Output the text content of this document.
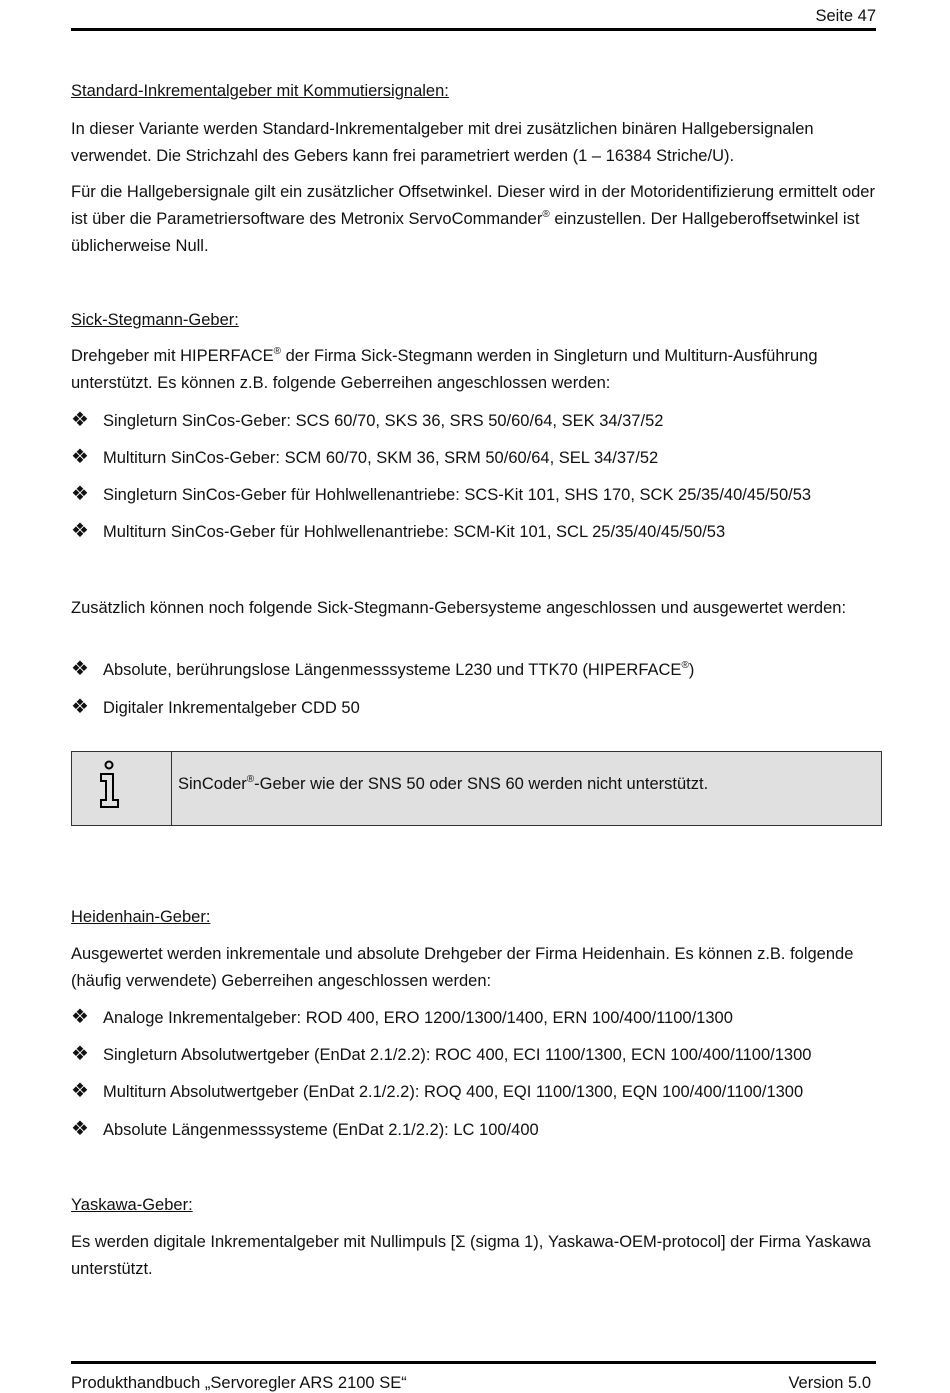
Seite 47
Standard-Inkrementalgeber mit Kommutiersignalen:
In dieser Variante werden Standard-Inkrementalgeber mit drei zusätzlichen binären Hallgebersignalen verwendet. Die Strichzahl des Gebers kann frei parametriert werden (1 – 16384 Striche/U).
Für die Hallgebersignale gilt ein zusätzlicher Offsetwinkel. Dieser wird in der Motoridentifizierung ermittelt oder ist über die Parametriersoftware des Metronix ServoCommander® einzustellen. Der Hallgeberoffsetwinkel ist üblicherweise Null.
Sick-Stegmann-Geber:
Drehgeber mit HIPERFACE® der Firma Sick-Stegmann werden in Singleturn und Multiturn-Ausführung unterstützt. Es können z.B. folgende Geberreihen angeschlossen werden:
❖ Singleturn SinCos-Geber: SCS 60/70, SKS 36, SRS 50/60/64, SEK 34/37/52
❖ Multiturn SinCos-Geber: SCM 60/70, SKM 36, SRM 50/60/64, SEL 34/37/52
❖ Singleturn SinCos-Geber für Hohlwellenantriebe: SCS-Kit 101, SHS 170, SCK 25/35/40/45/50/53
❖ Multiturn SinCos-Geber für Hohlwellenantriebe: SCM-Kit 101, SCL 25/35/40/45/50/53
Zusätzlich können noch folgende Sick-Stegmann-Gebersysteme angeschlossen und ausgewertet werden:
❖ Absolute, berührungslose Längenmesssysteme L230 und TTK70 (HIPERFACE®)
❖ Digitaler Inkrementalgeber CDD 50
SinCoder®-Geber wie der SNS 50 oder SNS 60 werden nicht unterstützt.
Heidenhain-Geber:
Ausgewertet werden inkrementale und absolute Drehgeber der Firma Heidenhain. Es können z.B. folgende (häufig verwendete) Geberreihen angeschlossen werden:
❖ Analoge Inkrementalgeber: ROD 400, ERO 1200/1300/1400, ERN 100/400/1100/1300
❖ Singleturn Absolutwertgeber (EnDat 2.1/2.2): ROC 400, ECI 1100/1300, ECN 100/400/1100/1300
❖ Multiturn Absolutwertgeber (EnDat 2.1/2.2): ROQ 400, EQI 1100/1300, EQN 100/400/1100/1300
❖ Absolute Längenmesssysteme (EnDat 2.1/2.2): LC 100/400
Yaskawa-Geber:
Es werden digitale Inkrementalgeber mit Nullimpuls [Σ (sigma 1), Yaskawa-OEM-protocol] der Firma Yaskawa unterstützt.
Produkthandbuch „Servoregler ARS 2100 SE“	Version 5.0
